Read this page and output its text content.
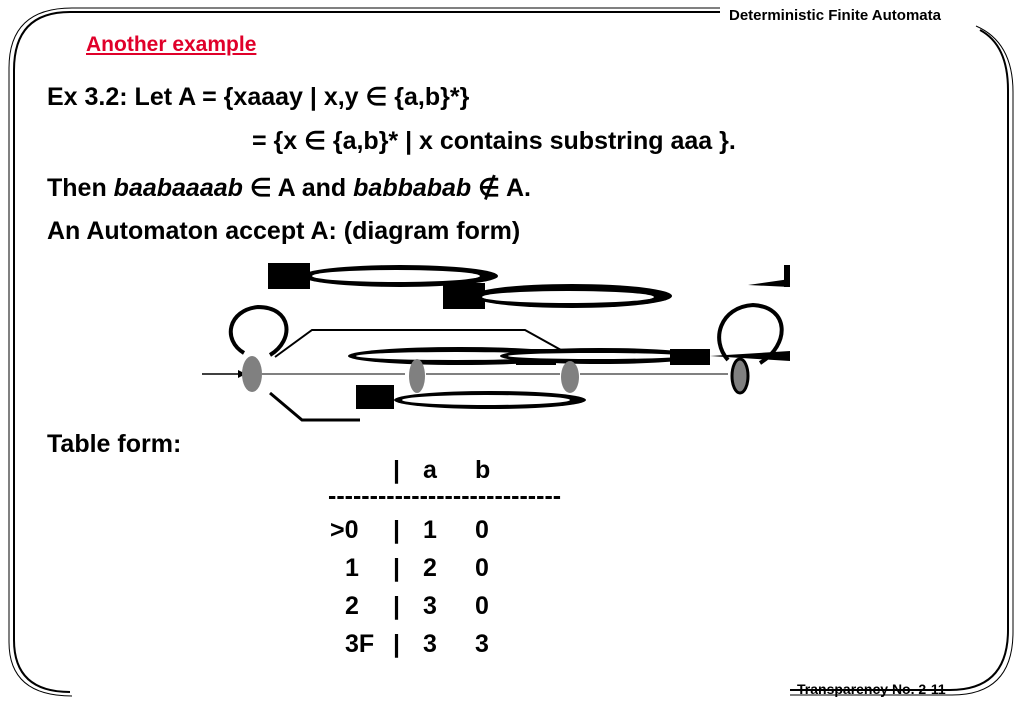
Deterministic Finite Automata
Another example
Ex 3.2: Let A = {xaaay | x,y ∈ {a,b}*}
= {x ∈ {a,b}* | x contains substring aaa }.
Then baabaaaab ∈ A and babbabab ∉ A.
An Automaton accept A: (diagram form)
Table form:
| a b
----------------------------
>0 | 1 0
1 | 2 0
2 | 3 0
3F | 3 3
Transparency No. 2-11
